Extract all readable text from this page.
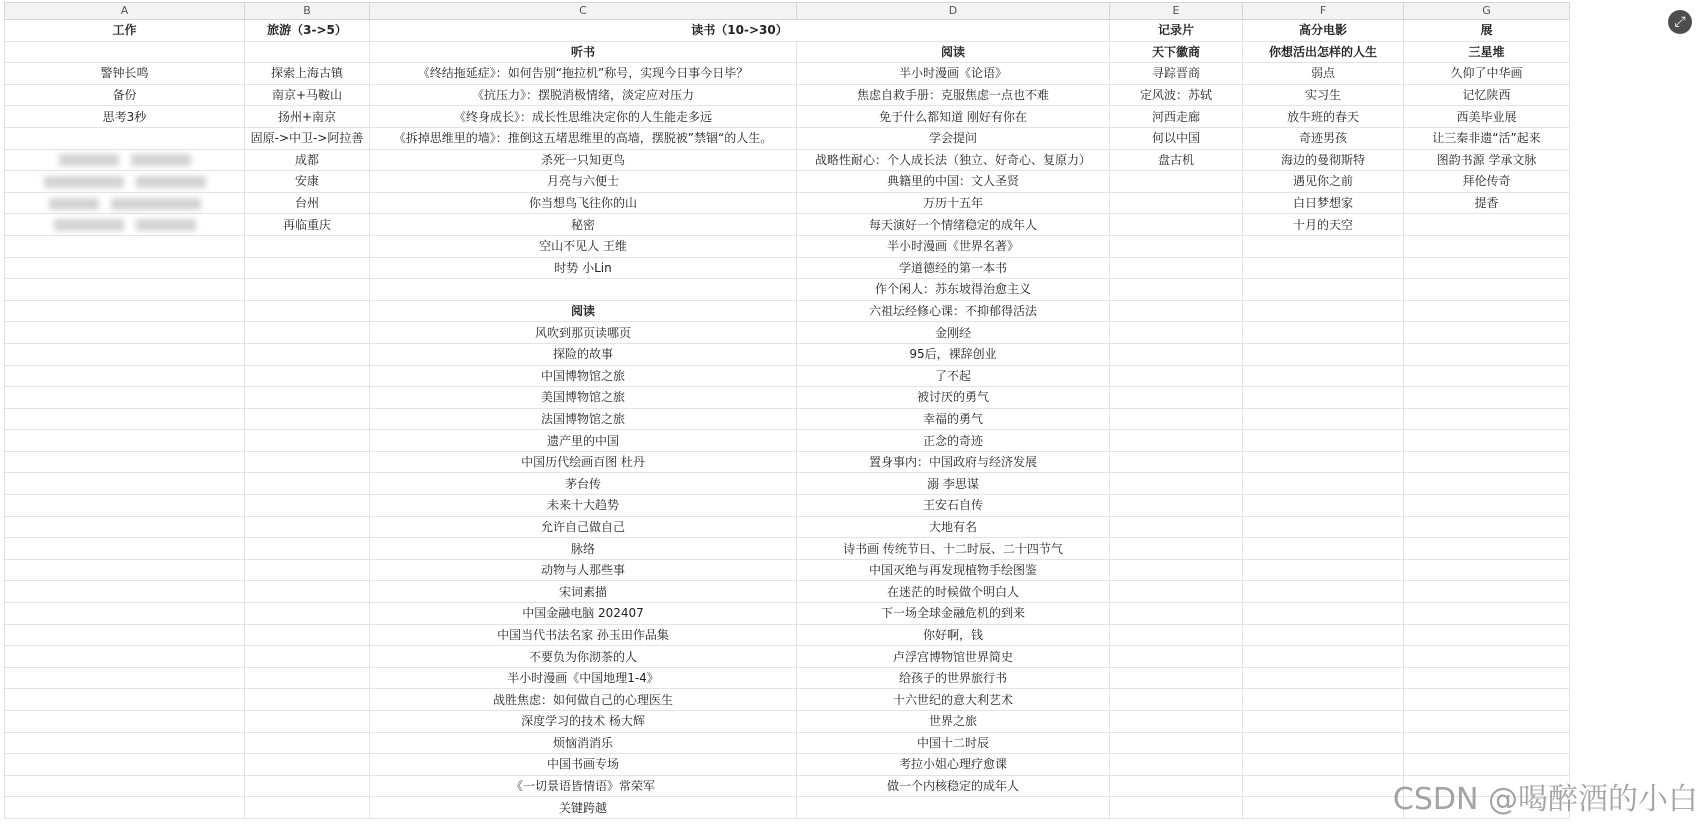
A	B	C	D	E	F	G
工作	旅游（3->5）	读书（10->30）		记录片	高分电影	展
		听书	阅读	天下徽商	你想活出怎样的人生	三星堆
警钟长鸣	探索上海古镇	《终结拖延症》：如何告别“拖拉机”称号，实现今日事今日毕？	半小时漫画《论语》	寻踪晋商	弱点	久仰了中华画
备份	南京+马鞍山	《抗压力》：摆脱消极情绪，淡定应对压力	焦虑自救手册：克服焦虑一点也不难	定风波：苏轼	实习生	记忆陕西
思考3秒	扬州+南京	《终身成长》：成长性思维决定你的人生能走多远	免于什么都知道 刚好有你在	河西走廊	放牛班的春天	西美毕业展
	固原->中卫->阿拉善	《拆掉思维里的墙》：推倒这五堵思维里的高墙，摆脱被”禁锢“的人生。	学会提问	何以中国	奇迹男孩	让三秦非遗“活”起来
	成都	杀死一只知更鸟	战略性耐心：个人成长法（独立、好奇心、复原力）	盘古机	海边的曼彻斯特	图韵书源 学承文脉
	安康	月亮与六便士	典籍里的中国：文人圣贤		遇见你之前	拜伦传奇
	台州	你当想鸟飞往你的山	万历十五年		白日梦想家	提香
	再临重庆	秘密	每天演好一个情绪稳定的成年人		十月的天空	
		空山不见人 王维	半小时漫画《世界名著》			
		时势 小Lin	学道德经的第一本书			
			作个闲人：苏东坡得治愈主义			
		阅读	六祖坛经修心课：不抑郁得活法			
		风吹到那页读哪页	金刚经			
		探险的故事	95后，裸辞创业			
		中国博物馆之旅	了不起			
		美国博物馆之旅	被讨厌的勇气			
		法国博物馆之旅	幸福的勇气			
		遗产里的中国	正念的奇迹			
		中国历代绘画百图 杜丹	置身事内：中国政府与经济发展			
		茅台传	溺 李思谋			
		未来十大趋势	王安石自传			
		允许自己做自己	大地有名			
		脉络	诗书画 传统节日、十二时辰、二十四节气			
		动物与人那些事	中国灭绝与再发现植物手绘图鉴			
		宋词素描	在迷茫的时候做个明白人			
		中国金融电脑 202407	下一场全球金融危机的到来			
		中国当代书法名家 孙玉田作品集	你好啊，钱			
		不要负为你沏茶的人	卢浮宫博物馆世界简史			
		半小时漫画《中国地理1-4》	给孩子的世界旅行书			
		战胜焦虑：如何做自己的心理医生	十六世纪的意大利艺术			
		深度学习的技术 杨大辉	世界之旅			
		烦恼消消乐	中国十二时辰			
		中国书画专场	考拉小姐心理疗愈课			
		《一切景语皆情语》常荣军	做一个内核稳定的成年人			
		关键跨越				
⤢
CSDN @喝醉酒的小白
